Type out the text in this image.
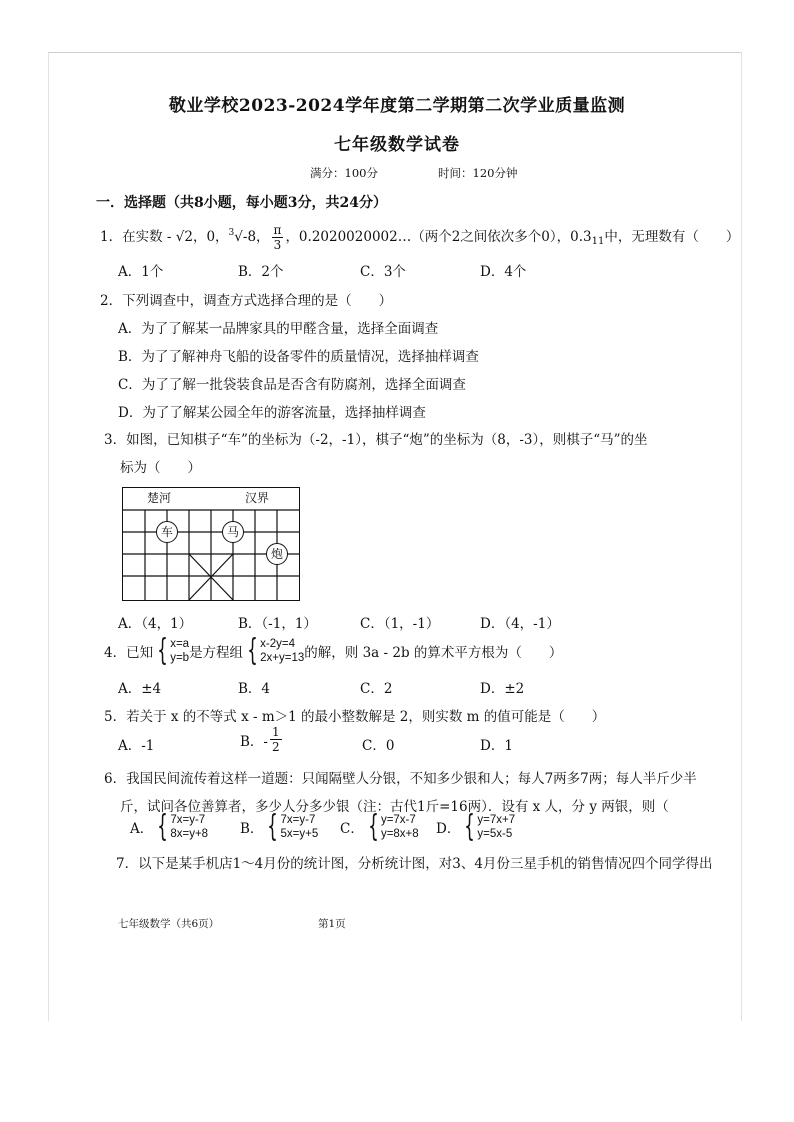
敬业学校2023-2024学年度第二学期第二次学业质量监测
七年级数学试卷
满分：100分	时间：120分钟
一．选择题（共8小题，每小题3分，共24分）
1．在实数 - √2，0，$^3$√-8， $\frac{\pi}{3}$ ，0.2020020002…（两个2之间依次多个0），$0.3_{11}$中，无理数有（　　）
A．1个	B．2个	C．3个	D．4个
2．下列调查中，调查方式选择合理的是（　　）
A．为了了解某一品牌家具的甲醛含量，选择全面调查
B．为了了解神舟飞船的设备零件的质量情况，选择抽样调查
C．为了了解一批袋装食品是否含有防腐剂，选择全面调查
D．为了了解某公园全年的游客流量，选择抽样调查
3．如图，已知棋子“车”的坐标为（-2，-1），棋子“炮”的坐标为（8，-3），则棋子“马”的坐
标为（　　）
楚河	汉界
车	马
炮
A．（4，1）	B．（-1，1）	C．（1，-1）	D．（4，-1）
4． 已知 { x=a
y=b 是方程组 { x-2y=4
2x+y=13 的解，则 3a - 2b 的算术平方根为（　　）
A．±4	B．4	C．2	D．±2
5．若关于 x 的不等式 x - m＞1 的最小整数解是 2，则实数 m 的值可能是（　　）
A．-1	B．- $\frac{1}{2}$	C．0	D．1
6．我国民间流传着这样一道题：只闻隔壁人分银，不知多少银和人；每人7两多7两；每人半斤少半
斤，试问各位善算者，多少人分多少银（注：古代1斤=16两）．设有 x 人，分 y 两银，则（
A． { 7x=y-7
8x=y+8 B． { 7x=y-7
5x=y+5 C． { y=7x-7
y=8x+8 D． { y=7x+7
y=5x-5
7．以下是某手机店1～4月份的统计图，分析统计图，对3、4月份三星手机的销售情况四个同学得出
七年级数学（共6页）	第1页
